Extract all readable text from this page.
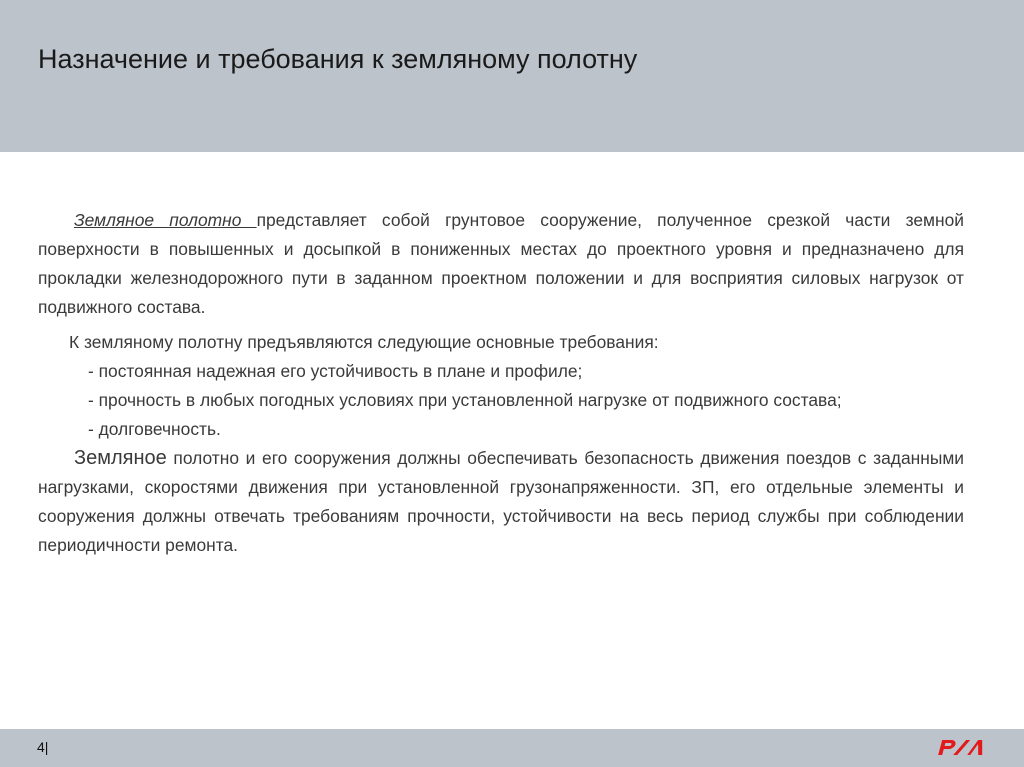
Назначение и требования к земляному полотну

Земляное полотно представляет собой грунтовое сооружение, полученное срезкой части земной поверхности в повышенных и досыпкой в пониженных местах до проектного уровня и предназначено для прокладки железнодорожного пути в заданном проектном положении и для восприятия силовых нагрузок от подвижного состава.

К земляному полотну предъявляются следующие основные требования:

- постоянная надежная его устойчивость в плане и профиле;

- прочность в любых погодных условиях при установленной нагрузке от подвижного состава;

- долговечность.

Земляное полотно и его сооружения должны обеспечивать безопасность движения поездов с заданными нагрузками, скоростями движения при установленной грузонапряженности. ЗП, его отдельные элементы и сооружения должны отвечать требованиям прочности, устойчивости на весь период службы при соблюдении периодичности ремонта.

4|
